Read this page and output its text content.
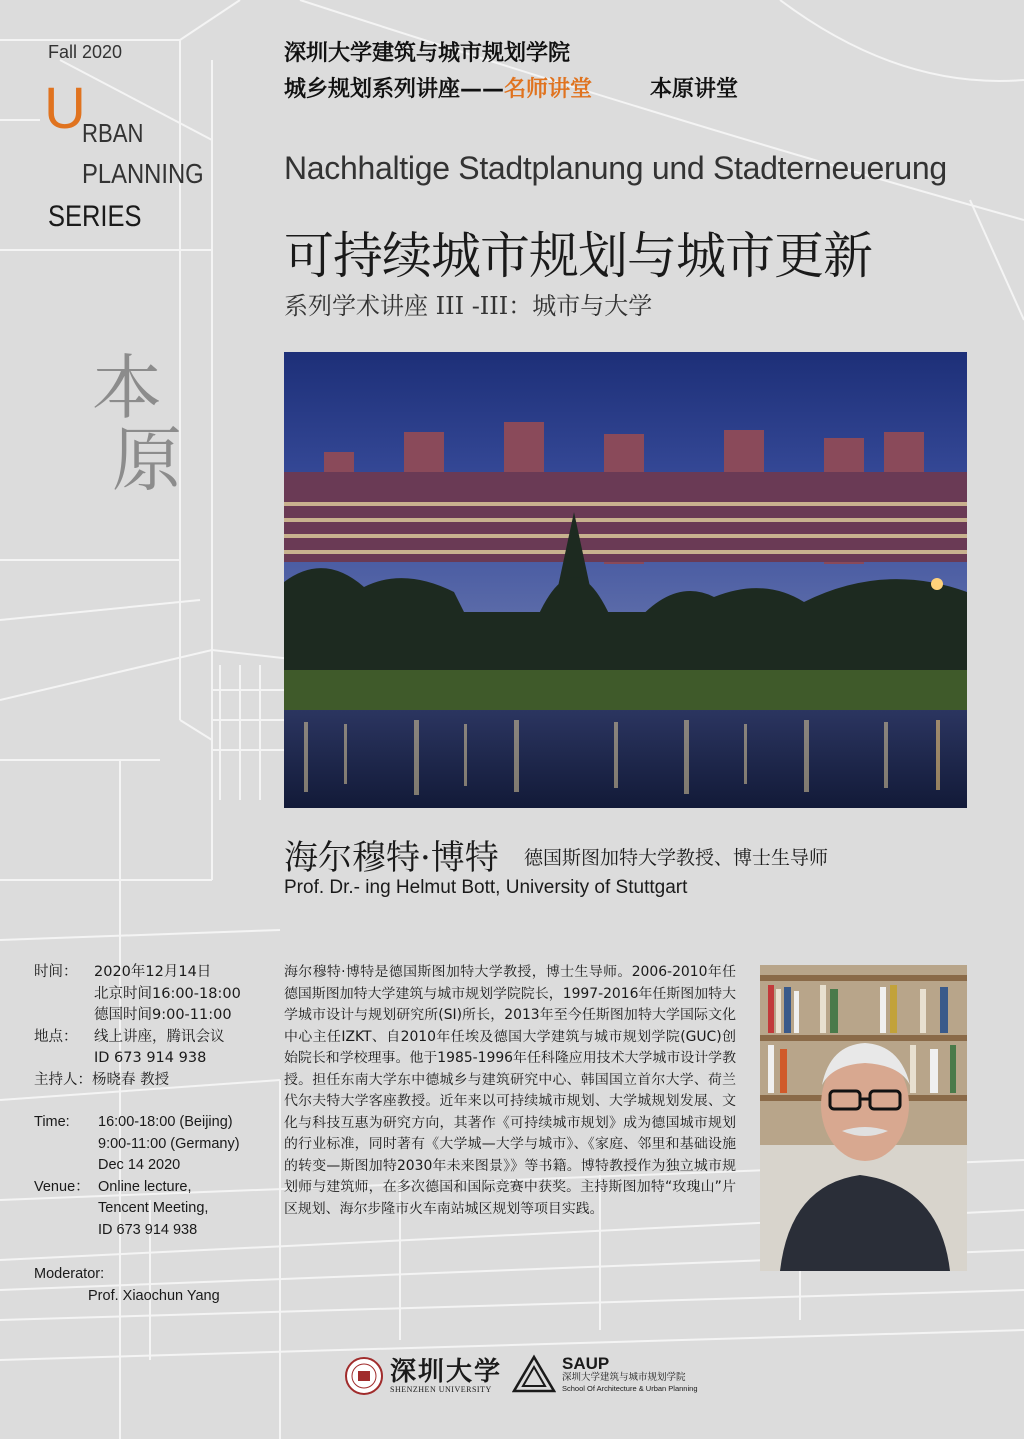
Fall 2020
U
RBAN
PLANNING
SERIES
本
原
深圳大学建筑与城市规划学院
城乡规划系列讲座——名师讲堂	本原讲堂
Nachhaltige Stadtplanung und Stadterneuerung
可持续城市规划与城市更新
系列学术讲座 III -III：城市与大学
海尔穆特·博特 德国斯图加特大学教授、博士生导师
Prof. Dr.- ing Helmut Bott, University of Stuttgart
时间：	2020年12月14日
北京时间16:00-18:00
德国时间9:00-11:00
地点：	线上讲座，腾讯会议
ID 673 914 938
主持人： 杨晓春 教授
Time:	16:00-18:00 (Beijing)
9:00-11:00 (Germany)
Dec 14 2020
Venue： Online lecture,
Tencent Meeting,
ID 673 914 938
Moderator:
Prof. Xiaochun Yang
海尔穆特·博特是德国斯图加特大学教授，博士生导师。2006-2010年任德国斯图加特大学建筑与城市规划学院院长，1997-2016年任斯图加特大学城市设计与规划研究所(SI)所长，2013年至今任斯图加特大学国际文化中心主任IZKT、自2010年任埃及德国大学建筑与城市规划学院(GUC)创始院长和学校理事。他于1985-1996年任科隆应用技术大学城市设计学教授。担任东南大学东中德城乡与建筑研究中心、韩国国立首尔大学、荷兰代尔夫特大学客座教授。近年来以可持续城市规划、大学城规划发展、文化与科技互惠为研究方向，其著作《可持续城市规划》成为德国城市规划的行业标准，同时著有《大学城—大学与城市》、《家庭、邻里和基础设施的转变—斯图加特2030年未来图景》》等书籍。博特教授作为独立城市规划师与建筑师，在多次德国和国际竞赛中获奖。主持斯图加特“玫瑰山”片区规划、海尔步隆市火车南站城区规划等项目实践。
深圳大学
SHENZHEN UNIVERSITY
SAUP
深圳大学建筑与城市规划学院
School Of Architecture & Urban Planning
